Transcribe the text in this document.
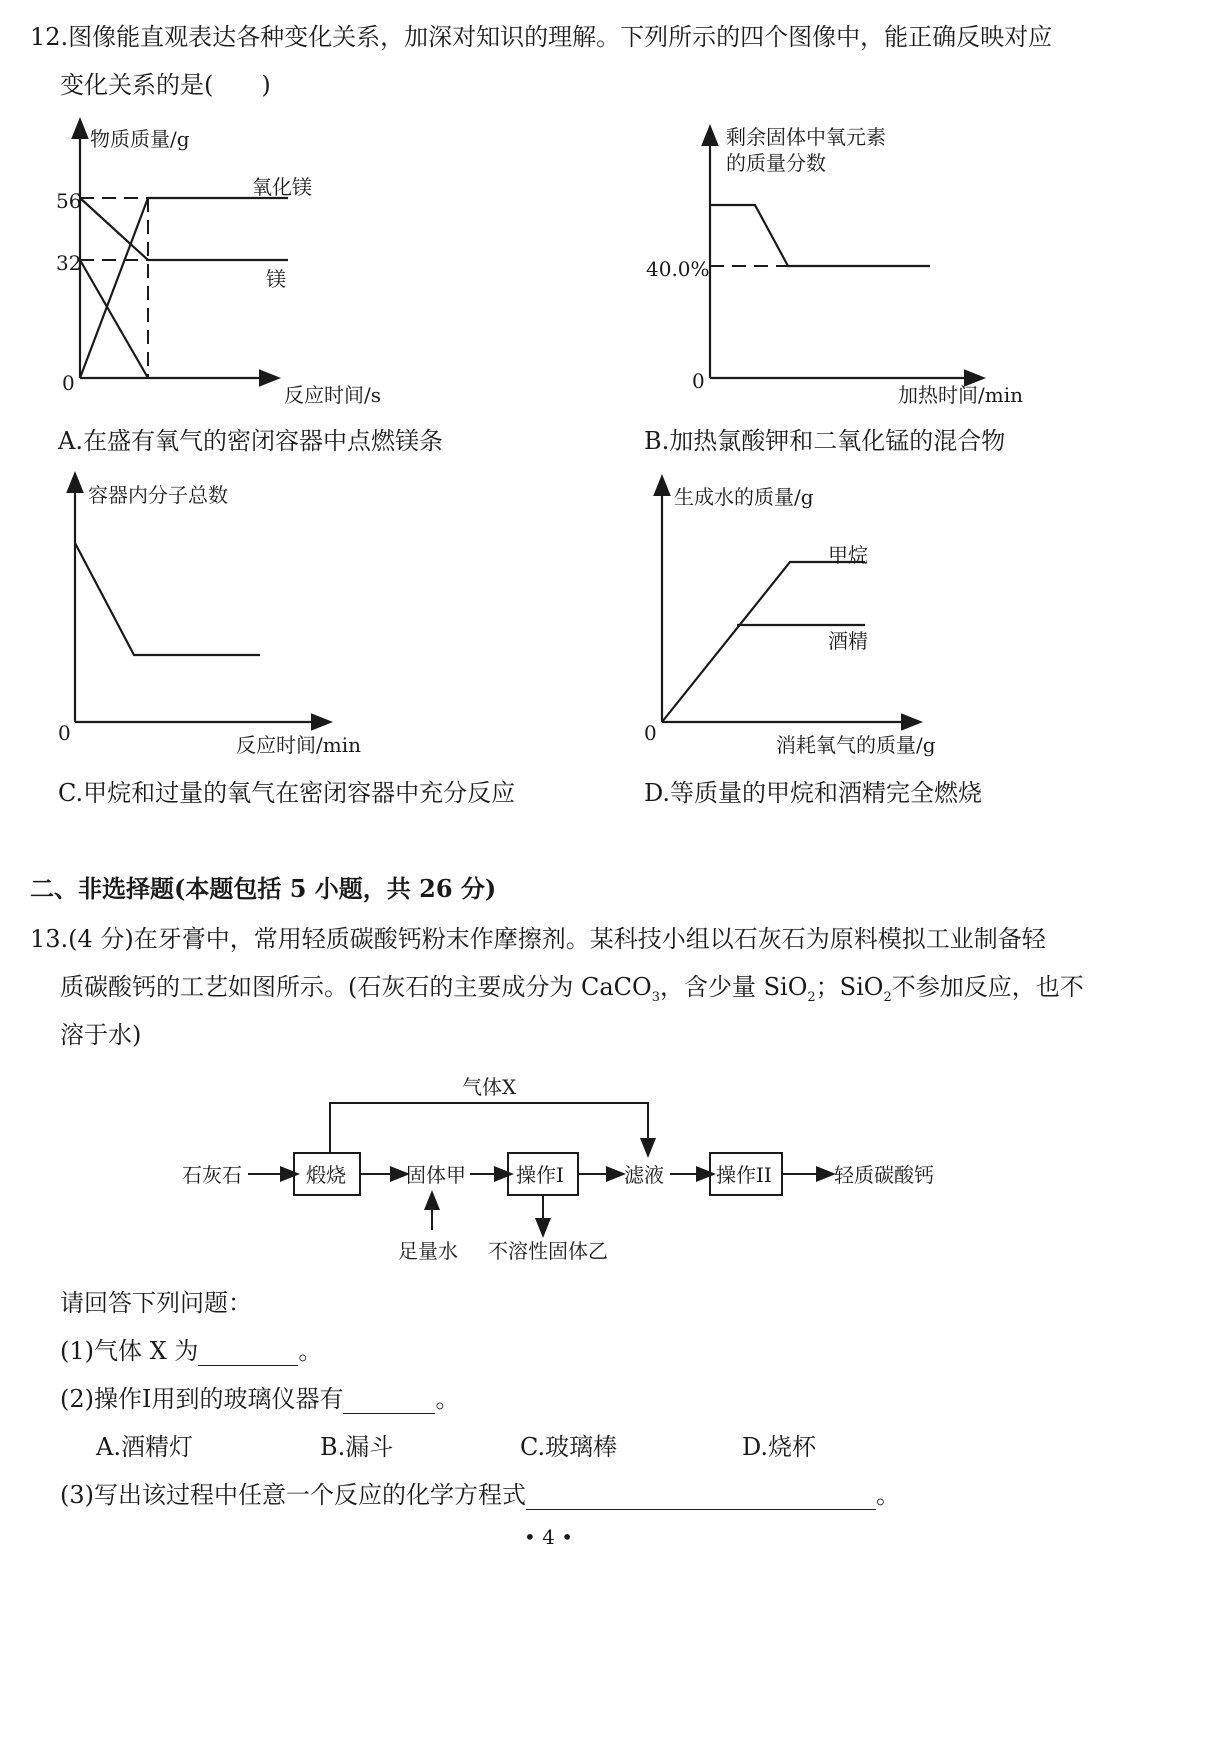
12.图像能直观表达各种变化关系，加深对知识的理解。下列所示的四个图像中，能正确反映对应
变化关系的是(　　)
物质质量/g
56
32
0
氧化镁
镁
反应时间/s
A.在盛有氧气的密闭容器中点燃镁条
剩余固体中氧元素
的质量分数
40.0%
0
加热时间/min
B.加热氯酸钾和二氧化锰的混合物
容器内分子总数
0	反应时间/min
C.甲烷和过量的氧气在密闭容器中充分反应
生成水的质量/g
甲烷
酒精
0	消耗氧气的质量/g
D.等质量的甲烷和酒精完全燃烧
二、非选择题(本题包括 5 小题，共 26 分)
13.(4 分)在牙膏中，常用轻质碳酸钙粉末作摩擦剂。某科技小组以石灰石为原料模拟工业制备轻
质碳酸钙的工艺如图所示。(石灰石的主要成分为 CaCO$_3$，含少量 SiO$_2$；SiO$_2$不参加反应，也不
溶于水)
石灰石	煅烧	固体甲	操作I	滤液	操作II	轻质碳酸钙
气体X
足量水 不溶性固体乙
请回答下列问题：
(1)气体 X 为	。
(2)操作Ⅰ用到的玻璃仪器有	。
A.酒精灯	B.漏斗	C.玻璃棒	D.烧杯
(3)写出该过程中任意一个反应的化学方程式	。
• 4 •
